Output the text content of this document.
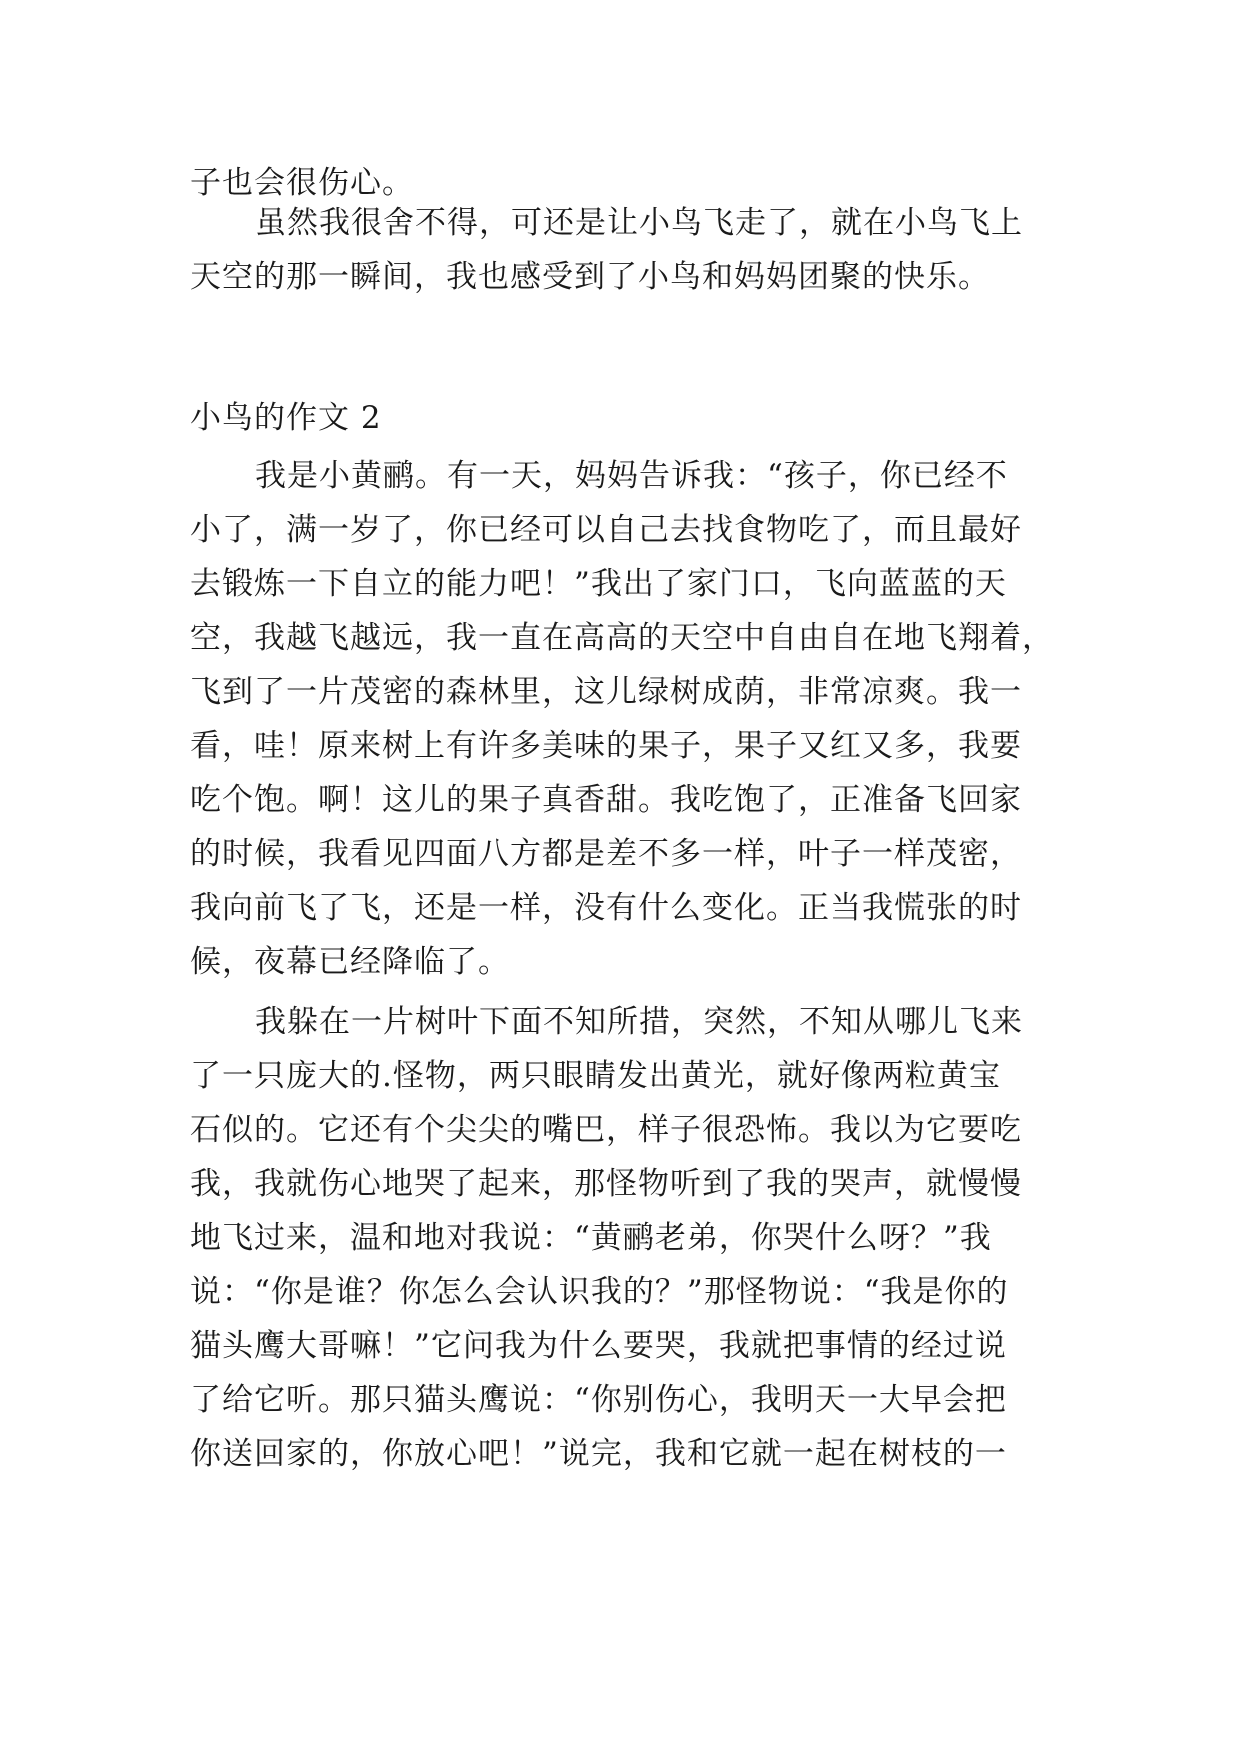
子也会很伤心。
虽然我很舍不得，可还是让小鸟飞走了，就在小鸟飞上
天空的那一瞬间，我也感受到了小鸟和妈妈团聚的快乐。
小鸟的作文 2
我是小黄鹂。有一天，妈妈告诉我：“孩子，你已经不
小了，满一岁了，你已经可以自己去找食物吃了，而且最好
去锻炼一下自立的能力吧！”我出了家门口，飞向蓝蓝的天
空，我越飞越远，我一直在高高的天空中自由自在地飞翔着，
飞到了一片茂密的森林里，这儿绿树成荫，非常凉爽。我一
看，哇！原来树上有许多美味的果子，果子又红又多，我要
吃个饱。啊！这儿的果子真香甜。我吃饱了，正准备飞回家
的时候，我看见四面八方都是差不多一样，叶子一样茂密，
我向前飞了飞，还是一样，没有什么变化。正当我慌张的时
候，夜幕已经降临了。
我躲在一片树叶下面不知所措，突然，不知从哪儿飞来
了一只庞大的.怪物，两只眼睛发出黄光，就好像两粒黄宝
石似的。它还有个尖尖的嘴巴，样子很恐怖。我以为它要吃
我，我就伤心地哭了起来，那怪物听到了我的哭声，就慢慢
地飞过来，温和地对我说：“黄鹂老弟，你哭什么呀？”我
说：“你是谁？你怎么会认识我的？”那怪物说：“我是你的
猫头鹰大哥嘛！”它问我为什么要哭，我就把事情的经过说
了给它听。那只猫头鹰说：“你别伤心，我明天一大早会把
你送回家的，你放心吧！”说完，我和它就一起在树枝的一
